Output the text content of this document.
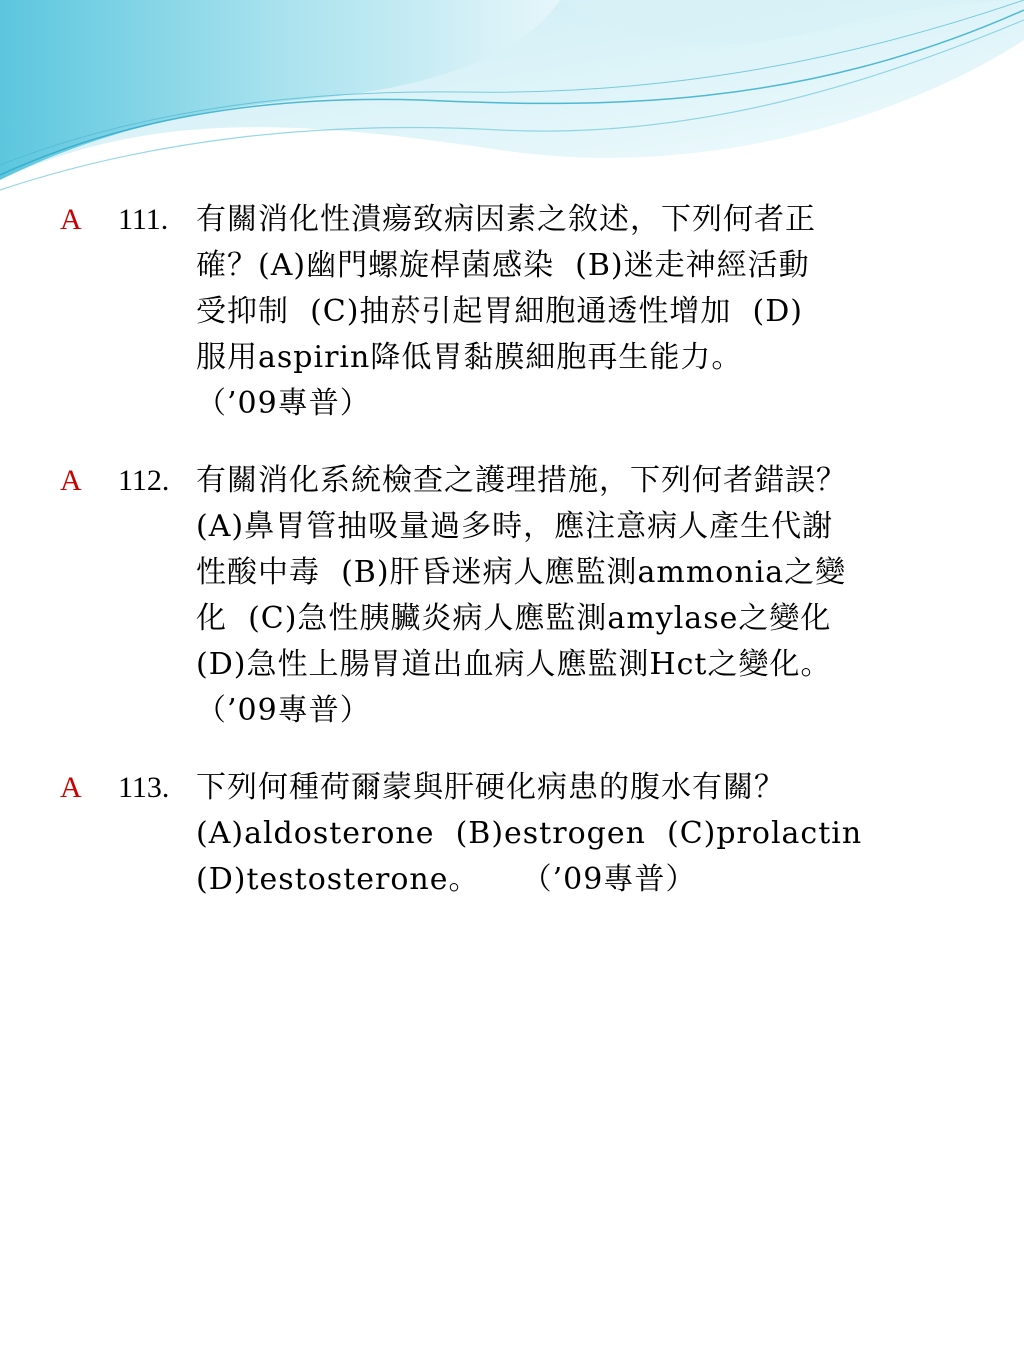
A 111. 有關消化性潰瘍致病因素之敘述，下列何者正
確？(A)幽門螺旋桿菌感染  (B)迷走神經活動
受抑制  (C)抽菸引起胃細胞通透性增加  (D)
服用aspirin降低胃黏膜細胞再生能力。
（’09專普）
A 112. 有關消化系統檢查之護理措施，下列何者錯誤？
(A)鼻胃管抽吸量過多時，應注意病人產生代謝
性酸中毒  (B)肝昏迷病人應監測ammonia之變
化  (C)急性胰臟炎病人應監測amylase之變化
(D)急性上腸胃道出血病人應監測Hct之變化。
（’09專普）
A 113. 下列何種荷爾蒙與肝硬化病患的腹水有關？
(A)aldosterone  (B)estrogen  (C)prolactin
(D)testosterone。    （’09專普）
